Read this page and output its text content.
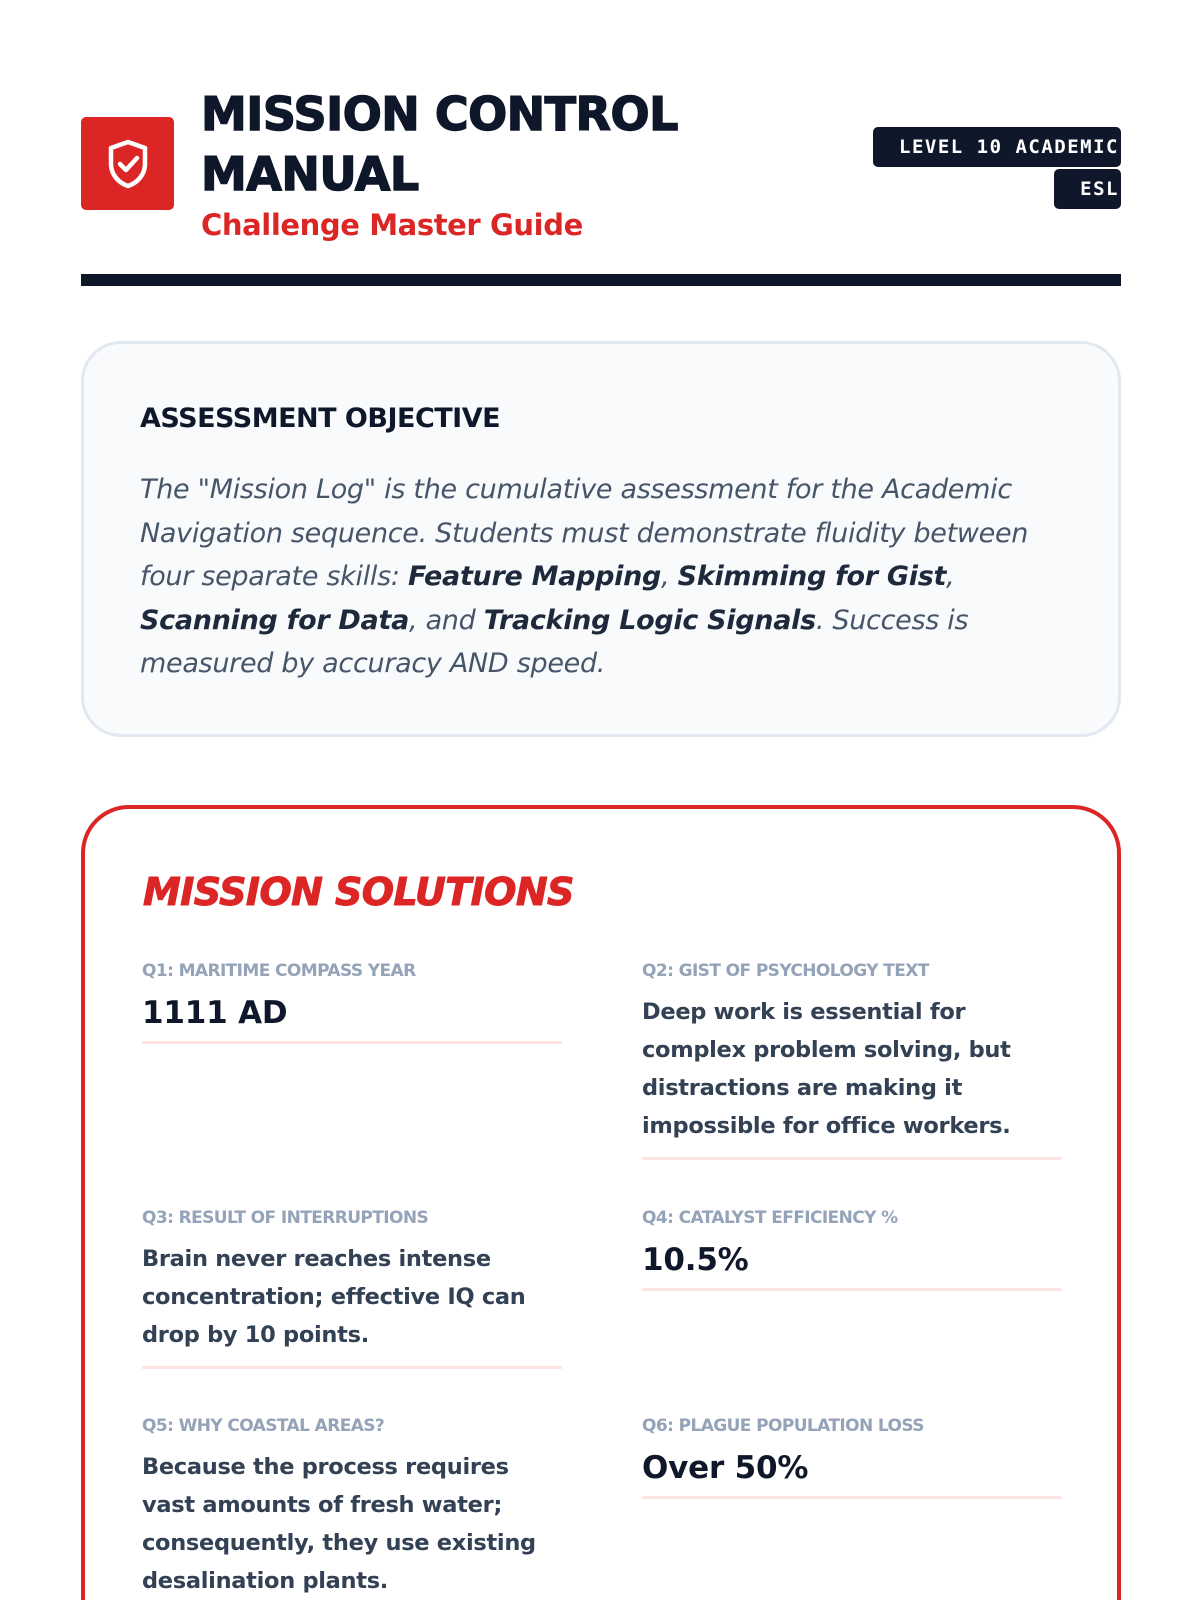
MISSION CONTROL MANUAL
Challenge Master Guide
LEVEL 10 ACADEMIC ESL
ASSESSMENT OBJECTIVE
The "Mission Log" is the cumulative assessment for the Academic Navigation sequence. Students must demonstrate fluidity between four separate skills: Feature Mapping, Skimming for Gist, Scanning for Data, and Tracking Logic Signals. Success is measured by accuracy AND speed.
MISSION SOLUTIONS
Q1: MARITIME COMPASS YEAR
1111 AD
Q2: GIST OF PSYCHOLOGY TEXT
Deep work is essential for complex problem solving, but distractions are making it impossible for office workers.
Q3: RESULT OF INTERRUPTIONS
Brain never reaches intense concentration; effective IQ can drop by 10 points.
Q4: CATALYST EFFICIENCY %
10.5%
Q5: WHY COASTAL AREAS?
Because the process requires vast amounts of fresh water; consequently, they use existing desalination plants.
Q6: PLAGUE POPULATION LOSS
Over 50%
